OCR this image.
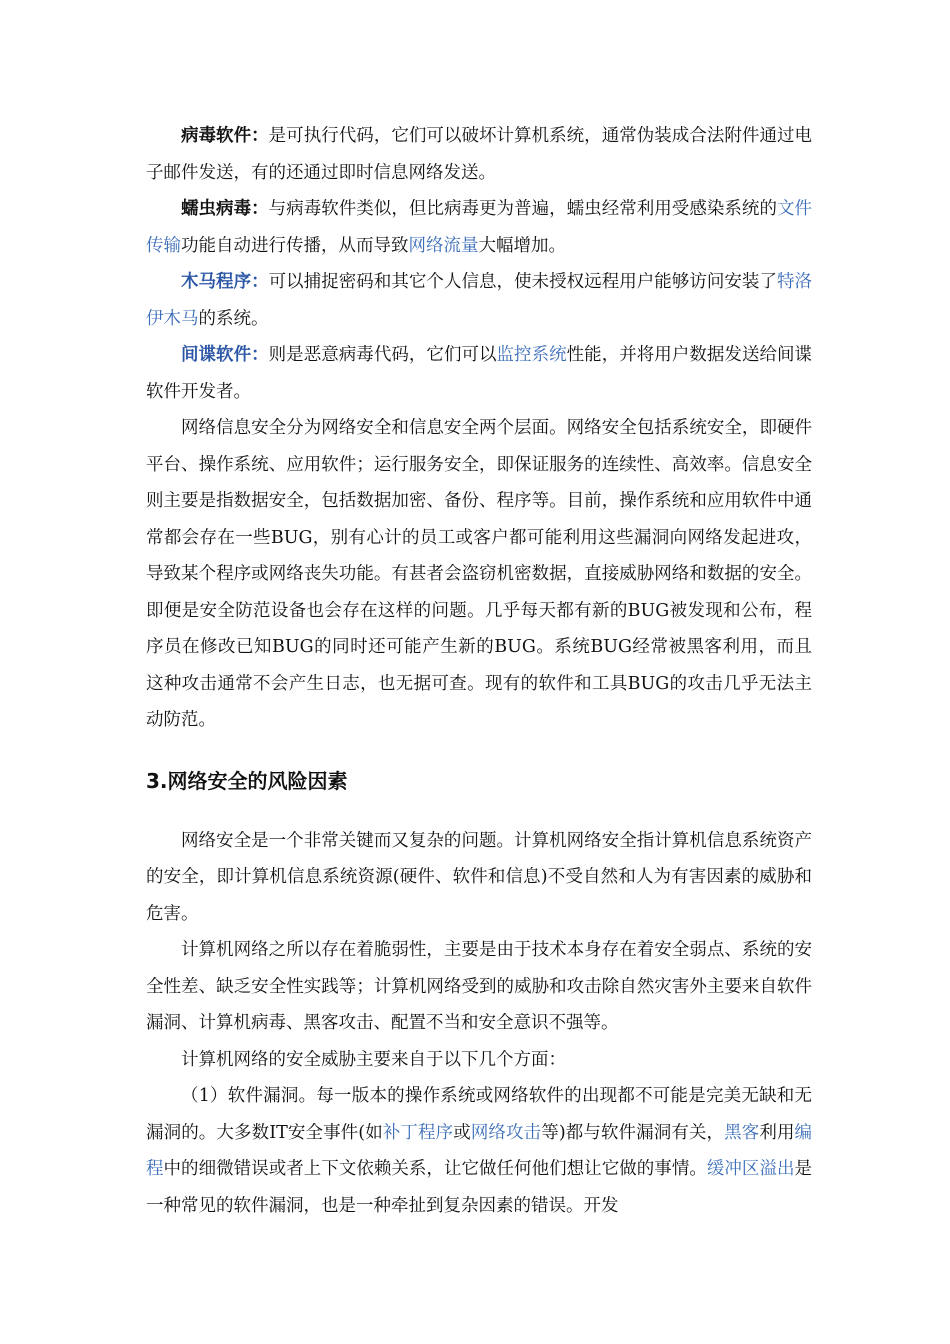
病毒软件：是可执行代码，它们可以破坏计算机系统，通常伪装成合法附件通过电子邮件发送，有的还通过即时信息网络发送。

蠕虫病毒：与病毒软件类似，但比病毒更为普遍，蠕虫经常利用受感染系统的文件传输功能自动进行传播，从而导致网络流量大幅增加。

木马程序：可以捕捉密码和其它个人信息，使未授权远程用户能够访问安装了特洛伊木马的系统。

间谍软件：则是恶意病毒代码，它们可以监控系统性能，并将用户数据发送给间谍软件开发者。

网络信息安全分为网络安全和信息安全两个层面。网络安全包括系统安全，即硬件平台、操作系统、应用软件；运行服务安全，即保证服务的连续性、高效率。信息安全则主要是指数据安全，包括数据加密、备份、程序等。目前，操作系统和应用软件中通常都会存在一些BUG，别有心计的员工或客户都可能利用这些漏洞向网络发起进攻，导致某个程序或网络丧失功能。有甚者会盗窃机密数据，直接威胁网络和数据的安全。即便是安全防范设备也会存在这样的问题。几乎每天都有新的BUG被发现和公布，程序员在修改已知BUG的同时还可能产生新的BUG。系统BUG经常被黑客利用，而且这种攻击通常不会产生日志，也无据可查。现有的软件和工具BUG的攻击几乎无法主动防范。

3.网络安全的风险因素

网络安全是一个非常关键而又复杂的问题。计算机网络安全指计算机信息系统资产的安全，即计算机信息系统资源(硬件、软件和信息)不受自然和人为有害因素的威胁和危害。

计算机网络之所以存在着脆弱性，主要是由于技术本身存在着安全弱点、系统的安全性差、缺乏安全性实践等；计算机网络受到的威胁和攻击除自然灾害外主要来自软件漏洞、计算机病毒、黑客攻击、配置不当和安全意识不强等。

计算机网络的安全威胁主要来自于以下几个方面：

（1）软件漏洞。每一版本的操作系统或网络软件的出现都不可能是完美无缺和无漏洞的。大多数IT安全事件(如补丁程序或网络攻击等)都与软件漏洞有关，黑客利用编程中的细微错误或者上下文依赖关系，让它做任何他们想让它做的事情。缓冲区溢出是一种常见的软件漏洞，也是一种牵扯到复杂因素的错误。开发
